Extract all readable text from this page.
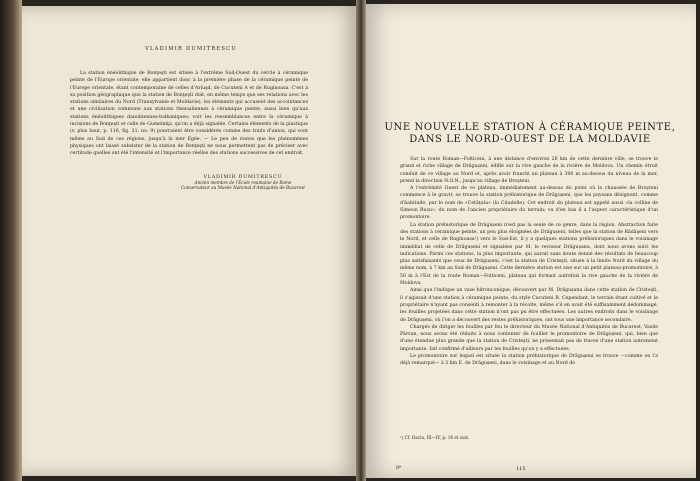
VLADIMIR DUMITRESCU

La station énéolithique de Bonţeşti est située à l'extrême Sud-Ouest du cercle à céramique peinte de l'Europe orientale; elle appartient donc à la première phase de la céramique peinte de l'Europe orientale, étant contemporaine de celles d'Ariuşd, de Cucuteni A et de Ruginoasa. C'est à sa position géographique que la station de Bonţeşti doit, en même temps que ses relations avec les stations similaires du Nord (Transylvanie et Moldavie), les éléments qui accusent des accointances et une civilisation commune aux stations thessaliennes à céramique peinte, aussi bien qu'aux stations énéolithiques danubiennes-balkaniques: voir les ressemblances entre la céramique à incisions de Bonţeşti et celle de Gumelniţa, qu'on a déjà signalée. Certains éléments de la plastique (v. plus haut, p. 116, fig. 21, no. 9) pourraient être considérés comme des traits d'union, qui vont même au Sud de ces régions, jusqu'à la mer Égée. — Le peu de restes que les phénomènes physiques ont laissé subsister de la station de Bonţeşti ne nous permettent pas de préciser avec certitude quelles ont été l'intensité et l'importance réelles des stations successives de cet endroit.

VLADIMIR DUMITRESCU
Ancien membre de l'École roumaine de Rome
Conservateur au Musée National d'Antiquités de Bucarest
UNE NOUVELLE STATION À CÉRAMIQUE PEINTE,
DANS LE NORD-OUEST DE LA MOLDAVIE

Sur la route Roman—Folticeni, à une distance d'environ 26 km de cette dernière ville, se trouve le grand et riche village de Drăgușeni, édifié sur la rive gauche de la rivière de Moldova. Un chemin étroit conduit de ce village au Nord et, après avoir franchi un plateau à 300 m au-dessus du niveau de la mer, prend la direction N.O.N., jusqu'au village de Broşteni.

A l'extrémité Ouest de ce plateau, immédiatement au-dessus du point où la chaussée de Broşteni commence à le gravir, se trouve la station préhistorique de Drăgușeni, que les paysans désignent, comme d'habitude, par le nom de «Cetăţuia» (la Citadelle). Cet endroit du plateau est appelé aussi «la colline de Simeon Rusu», du nom de l'ancien propriétaire du terrain; vu d'en bas il a l'aspect caractéristique d'un promontoire.

La station préhistorique de Drăgușeni n'est pas la seule de ce genre, dans la région. Abstraction faite des stations à céramique peinte, un peu plus éloignées de Drăgușeni, telles que la station de Rădăşeni vers le Nord, et celle de Ruginoasa¹) vers le Sud-Est, il y a quelques stations préhistoriques dans le voisinage immédiat de celle de Drăgușeni et signalées par M. le reviseur Drăgușanu, dont nous avons suivi les indications. Parmi ces stations, la plus importante, qui aurait sans doute donné des résultats de beaucoup plus satisfaisants que ceux de Drăgușeni, c'est la station de Cristeşti, située à la limite Nord du village du même nom, à 7 km au Sud de Drăgușeni. Cette dernière station est sise sur un petit plateau-promontoire, à 50 m à l'Est de la route Roman—Folticeni, plateau qui formait autrefois la rive gauche de la rivière de Moldova.

Ainsi que l'indique un vase bitronconique, découvert par M. Drăgușanu dans cette station de Cristeşti, il s'agissait d'une station à céramique peinte, du style Cucuteni B. Cependant, le terrain étant cultivé et le propriétaire n'ayant pas consenti à remonter à la récolte, même s'il en avait été suffisamment dédommagé, les fouilles projetées dans cette station n'ont pas pu être effectuées. Les autres endroits dans le voisinage de Drăgușeni, où l'on a découvert des restes préhistoriques, ont tous une importance secondaire.

Chargés de diriger les fouilles par feu le directeur du Musée National d'Antiquités de Bucarest, Vasile Pârvan, nous avons été réduits à nous contenter de fouiller le promontoire de Drăgușeni, qui, bien que d'une étendue plus grande que la station de Cristeşti, ne présentait pas de traces d'une station autrement importante, fait confirmé d'ailleurs par les fouilles qu'on y a effectuées.

Le promontoire sur lequel est située la station préhistorique de Drăgușeni se trouve —comme on l'a déjà remarqué— à 2 km E. de Drăgușeni, dans le voisinage et au Nord de

¹) Cf. Dacia, III—IV, p. 16 et suiv.
8*	115
